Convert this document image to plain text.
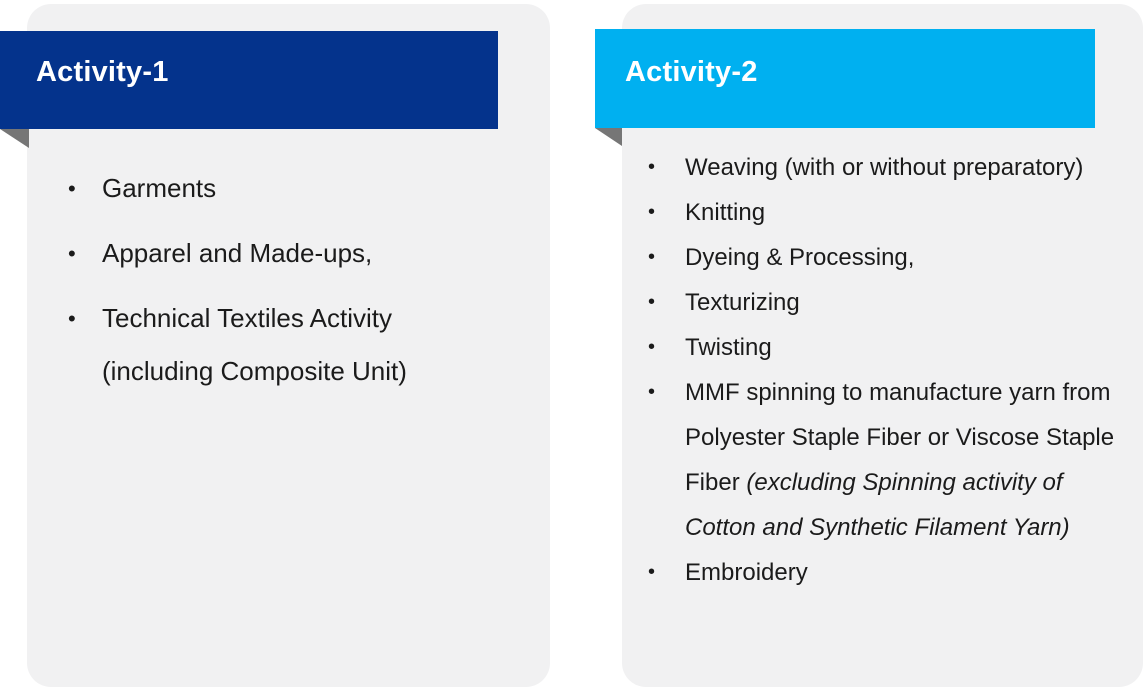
Activity-1
•	Garments
•	Apparel and Made-ups,
•	Technical Textiles Activity
(including Composite Unit)
Activity-2
•	Weaving (with or without preparatory)
•	Knitting
•	Dyeing & Processing,
•	Texturizing
•	Twisting
•	MMF spinning to manufacture yarn from
Polyester Staple Fiber or Viscose Staple
Fiber (excluding Spinning activity of
Cotton and Synthetic Filament Yarn)
•	Embroidery
